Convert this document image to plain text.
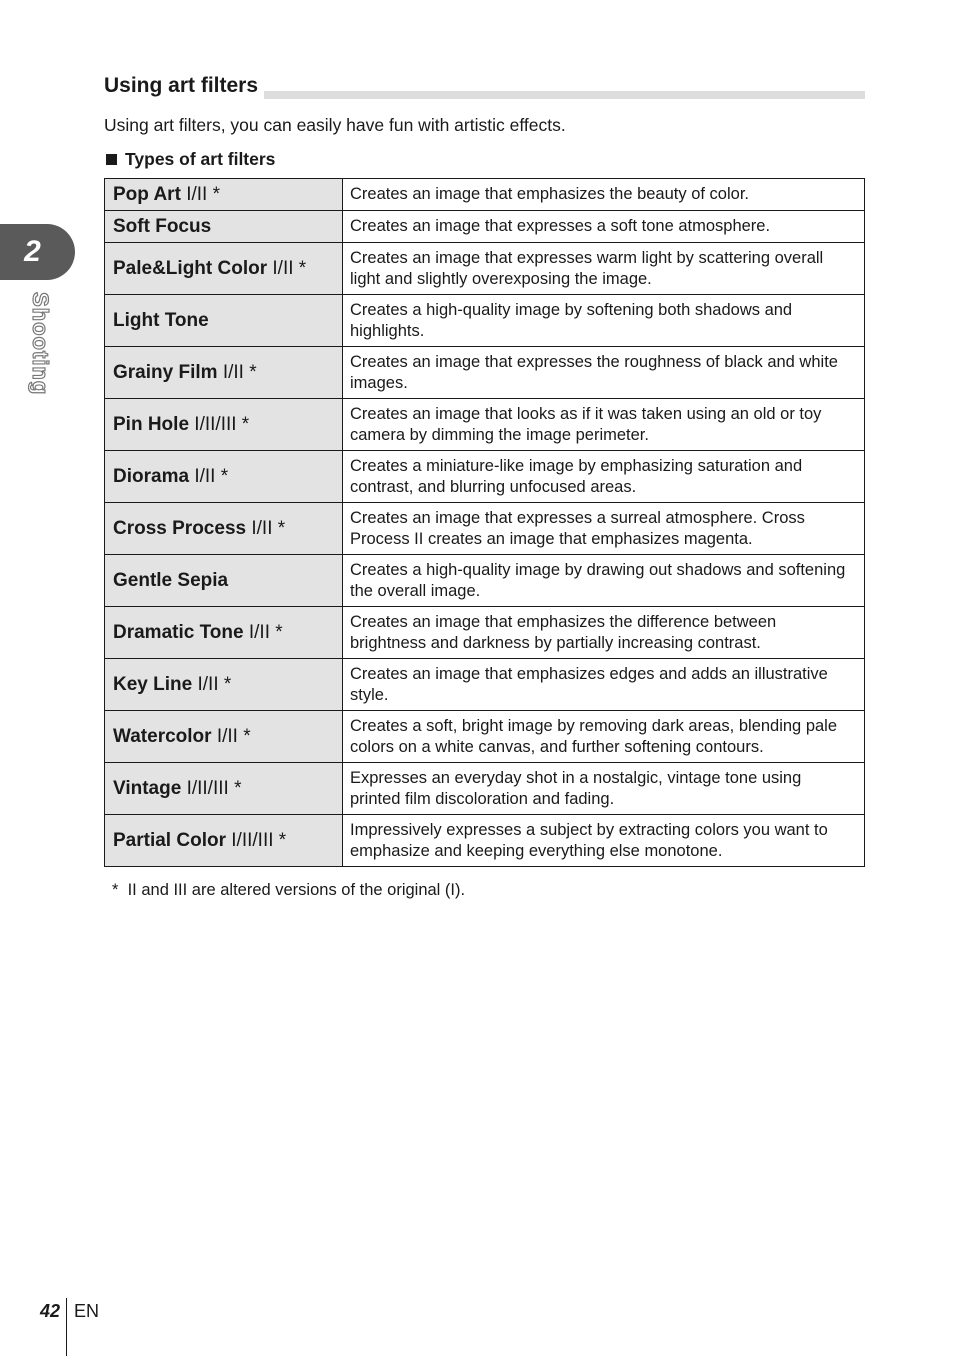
2
Shooting
Using art filters
Using art filters, you can easily have fun with artistic effects.
Types of art filters
Pop Art I/II *	Creates an image that emphasizes the beauty of color.
Soft Focus	Creates an image that expresses a soft tone atmosphere.
Pale&Light Color I/II *	Creates an image that expresses warm light by scattering overall light and slightly overexposing the image.
Light Tone	Creates a high-quality image by softening both shadows and highlights.
Grainy Film I/II *	Creates an image that expresses the roughness of black and white images.
Pin Hole I/II/III *	Creates an image that looks as if it was taken using an old or toy camera by dimming the image perimeter.
Diorama I/II *	Creates a miniature-like image by emphasizing saturation and contrast, and blurring unfocused areas.
Cross Process I/II *	Creates an image that expresses a surreal atmosphere. Cross Process II creates an image that emphasizes magenta.
Gentle Sepia	Creates a high-quality image by drawing out shadows and softening the overall image.
Dramatic Tone I/II *	Creates an image that emphasizes the difference between brightness and darkness by partially increasing contrast.
Key Line I/II *	Creates an image that emphasizes edges and adds an illustrative style.
Watercolor I/II *	Creates a soft, bright image by removing dark areas, blending pale colors on a white canvas, and further softening contours.
Vintage I/II/III *	Expresses an everyday shot in a nostalgic, vintage tone using printed film discoloration and fading.
Partial Color I/II/III *	Impressively expresses a subject by extracting colors you want to emphasize and keeping everything else monotone.
*  II and III are altered versions of the original (I).
42 EN
